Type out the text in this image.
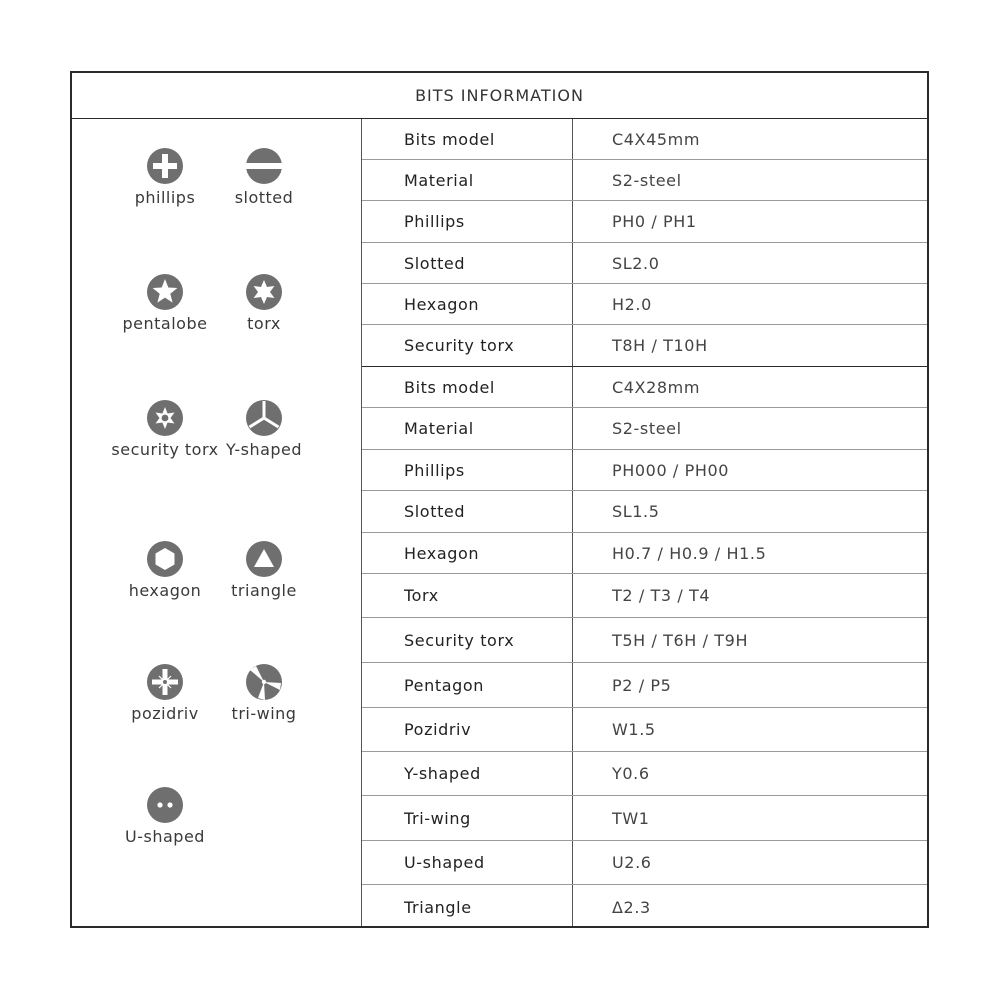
BITS INFORMATION
phillips	slotted
pentalobe	torx
security torx Y-shaped
hexagon	triangle
pozidriv	tri-wing
U-shaped
Bits model	C4X45mm
Material	S2-steel
Phillips	PH0 / PH1
Slotted	SL2.0
Hexagon	H2.0
Security torx	T8H / T10H
Bits model	C4X28mm
Material	S2-steel
Phillips	PH000 / PH00
Slotted	SL1.5
Hexagon	H0.7 / H0.9 / H1.5
Torx	T2 / T3 / T4
Security torx	T5H / T6H / T9H
Pentagon	P2 / P5
Pozidriv	W1.5
Y-shaped	Y0.6
Tri-wing	TW1
U-shaped	U2.6
Triangle	Δ2.3
